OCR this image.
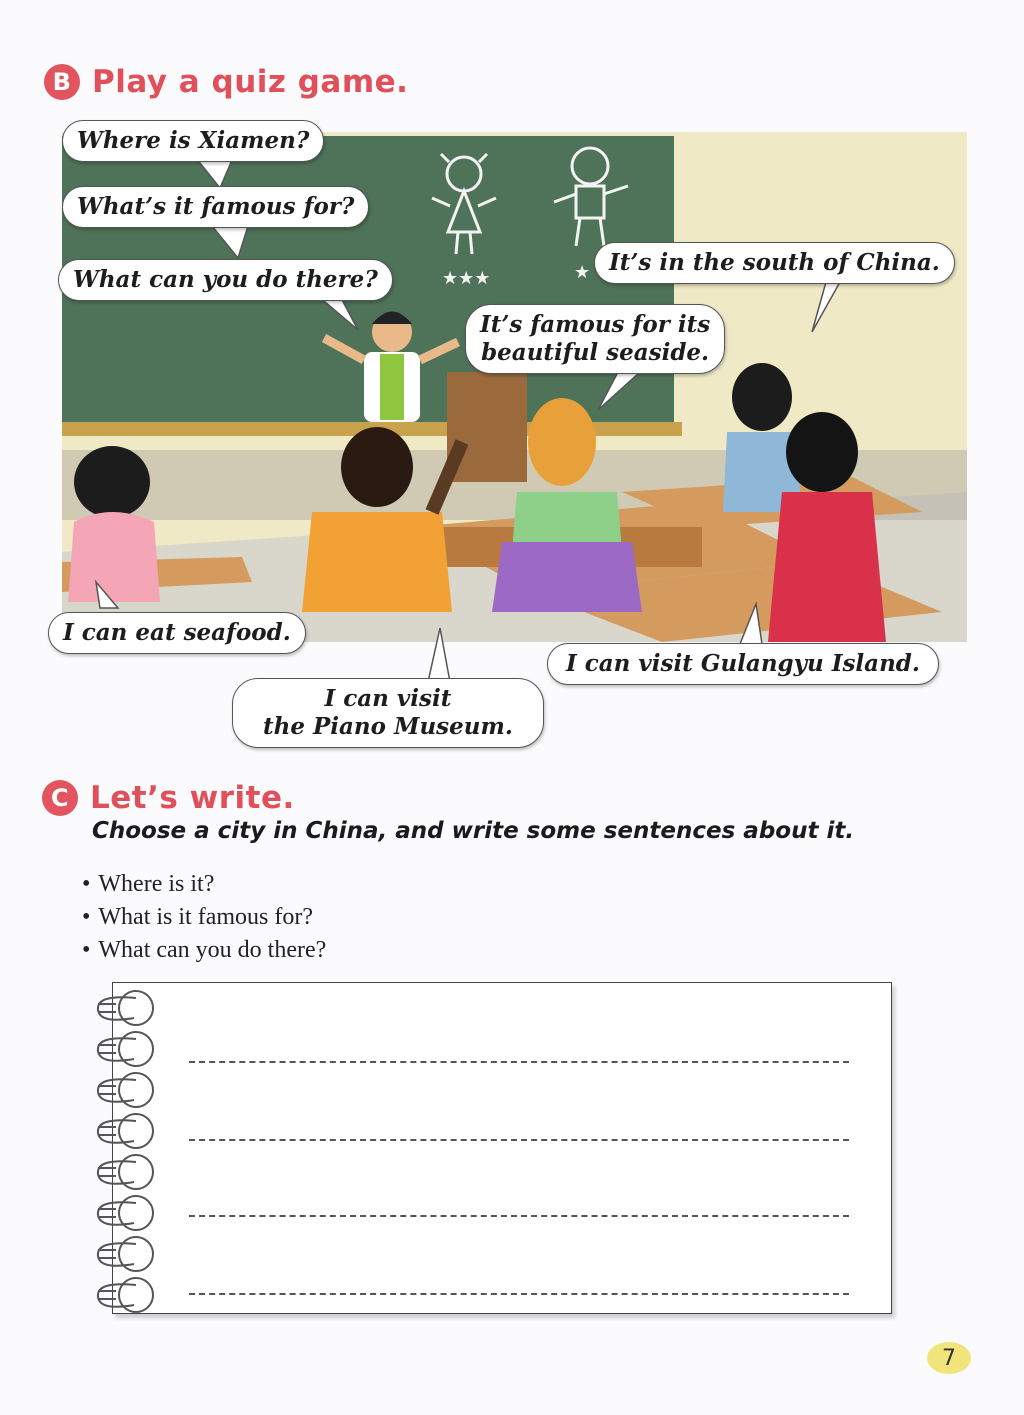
B Play a quiz game.
★★★	★
Where is Xiamen?
What’s it famous for?
What can you do there?
It’s in the south of China.
It’s famous for its
beautiful seaside.
I can eat seafood.
I can visit
the Piano Museum.
I can visit Gulangyu Island.
C Let’s write.
Choose a city in China, and write some sentences about it.
• Where is it?
• What is it famous for?
• What can you do there?
7
